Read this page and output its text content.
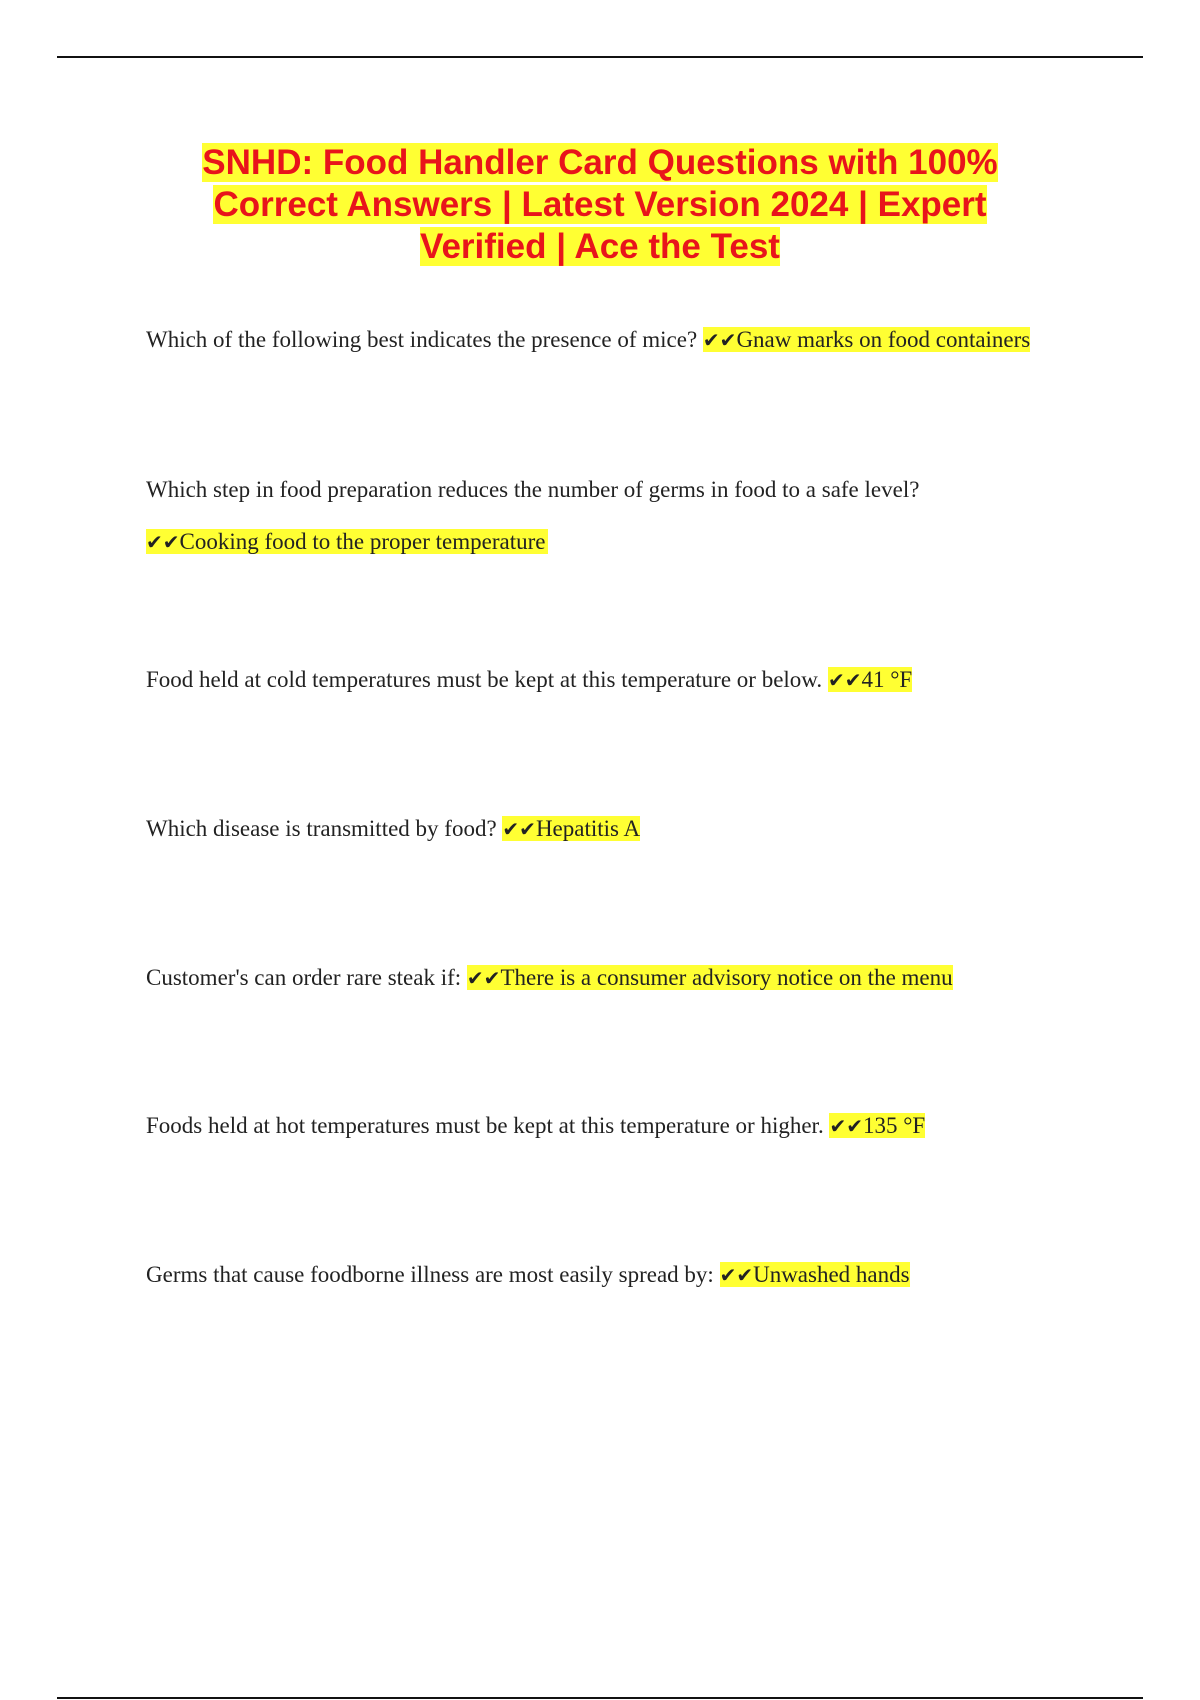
SNHD: Food Handler Card Questions with 100% Correct Answers | Latest Version 2024 | Expert Verified | Ace the Test
Which of the following best indicates the presence of mice? ✔✔Gnaw marks on food containers
Which step in food preparation reduces the number of germs in food to a safe level?
✔✔Cooking food to the proper temperature
Food held at cold temperatures must be kept at this temperature or below. ✔✔41 °F
Which disease is transmitted by food? ✔✔Hepatitis A
Customer's can order rare steak if: ✔✔There is a consumer advisory notice on the menu
Foods held at hot temperatures must be kept at this temperature or higher. ✔✔135 °F
Germs that cause foodborne illness are most easily spread by: ✔✔Unwashed hands
